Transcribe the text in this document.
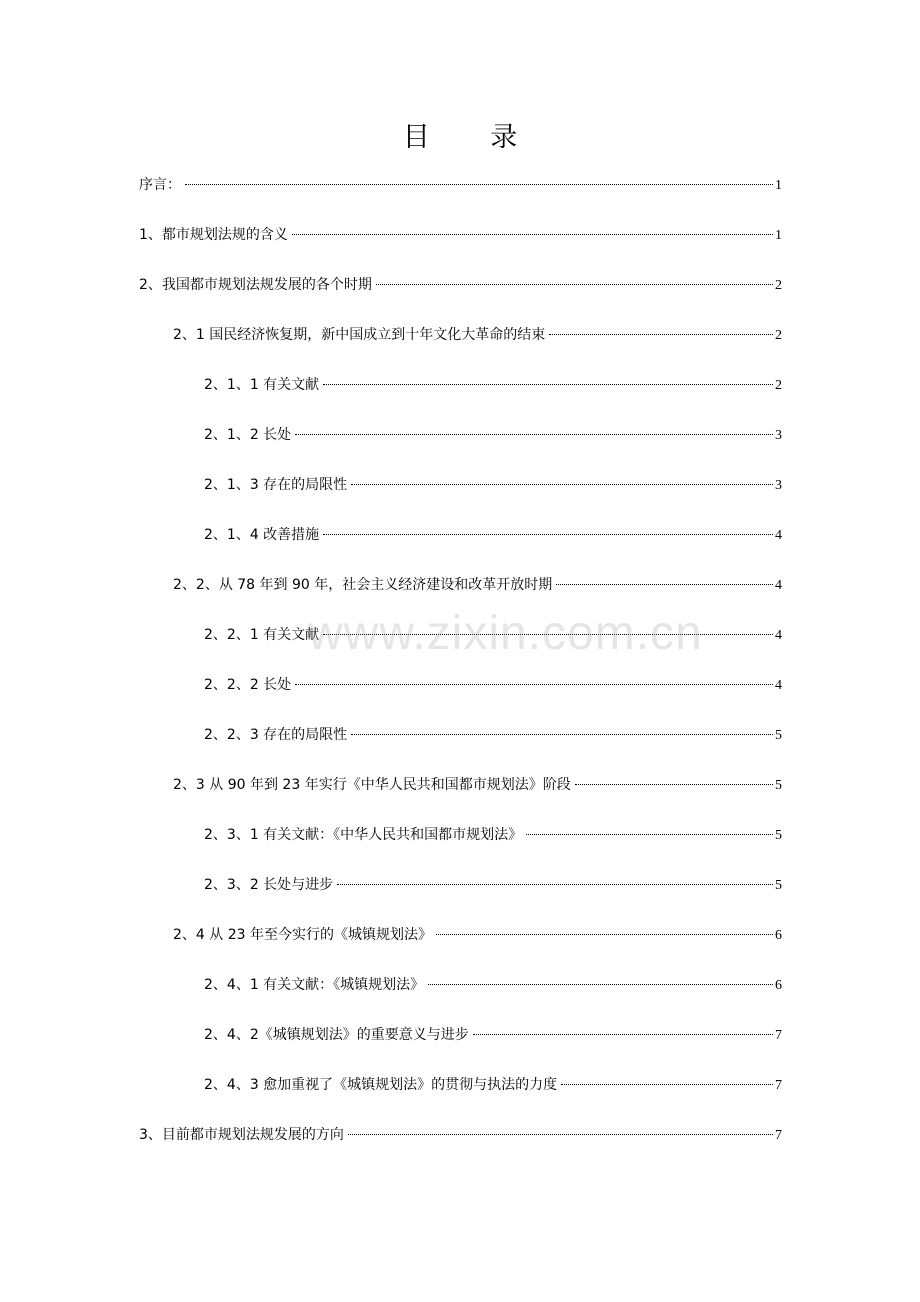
目 录
序言：	1
1、都市规划法规的含义	1
2、我国都市规划法规发展的各个时期	2
2、1 国民经济恢复期，新中国成立到十年文化大革命的结束	2
2、1、1 有关文献	2
2、1、2 长处	3
2、1、3 存在的局限性	3
2、1、4 改善措施	4
2、2、从 78 年到 90 年，社会主义经济建设和改革开放时期	4
2、2、1 有关文献	4
2、2、2 长处	4
2、2、3 存在的局限性	5
2、3 从 90 年到 23 年实行《中华人民共和国都市规划法》阶段	5
2、3、1 有关文献：《中华人民共和国都市规划法》	5
2、3、2 长处与进步	5
2、4 从 23 年至今实行的《城镇规划法》	6
2、4、1 有关文献：《城镇规划法》	6
2、4、2《城镇规划法》的重要意义与进步	7
2、4、3 愈加重视了《城镇规划法》的贯彻与执法的力度	7
3、目前都市规划法规发展的方向	7
www.zixin.com.cn
